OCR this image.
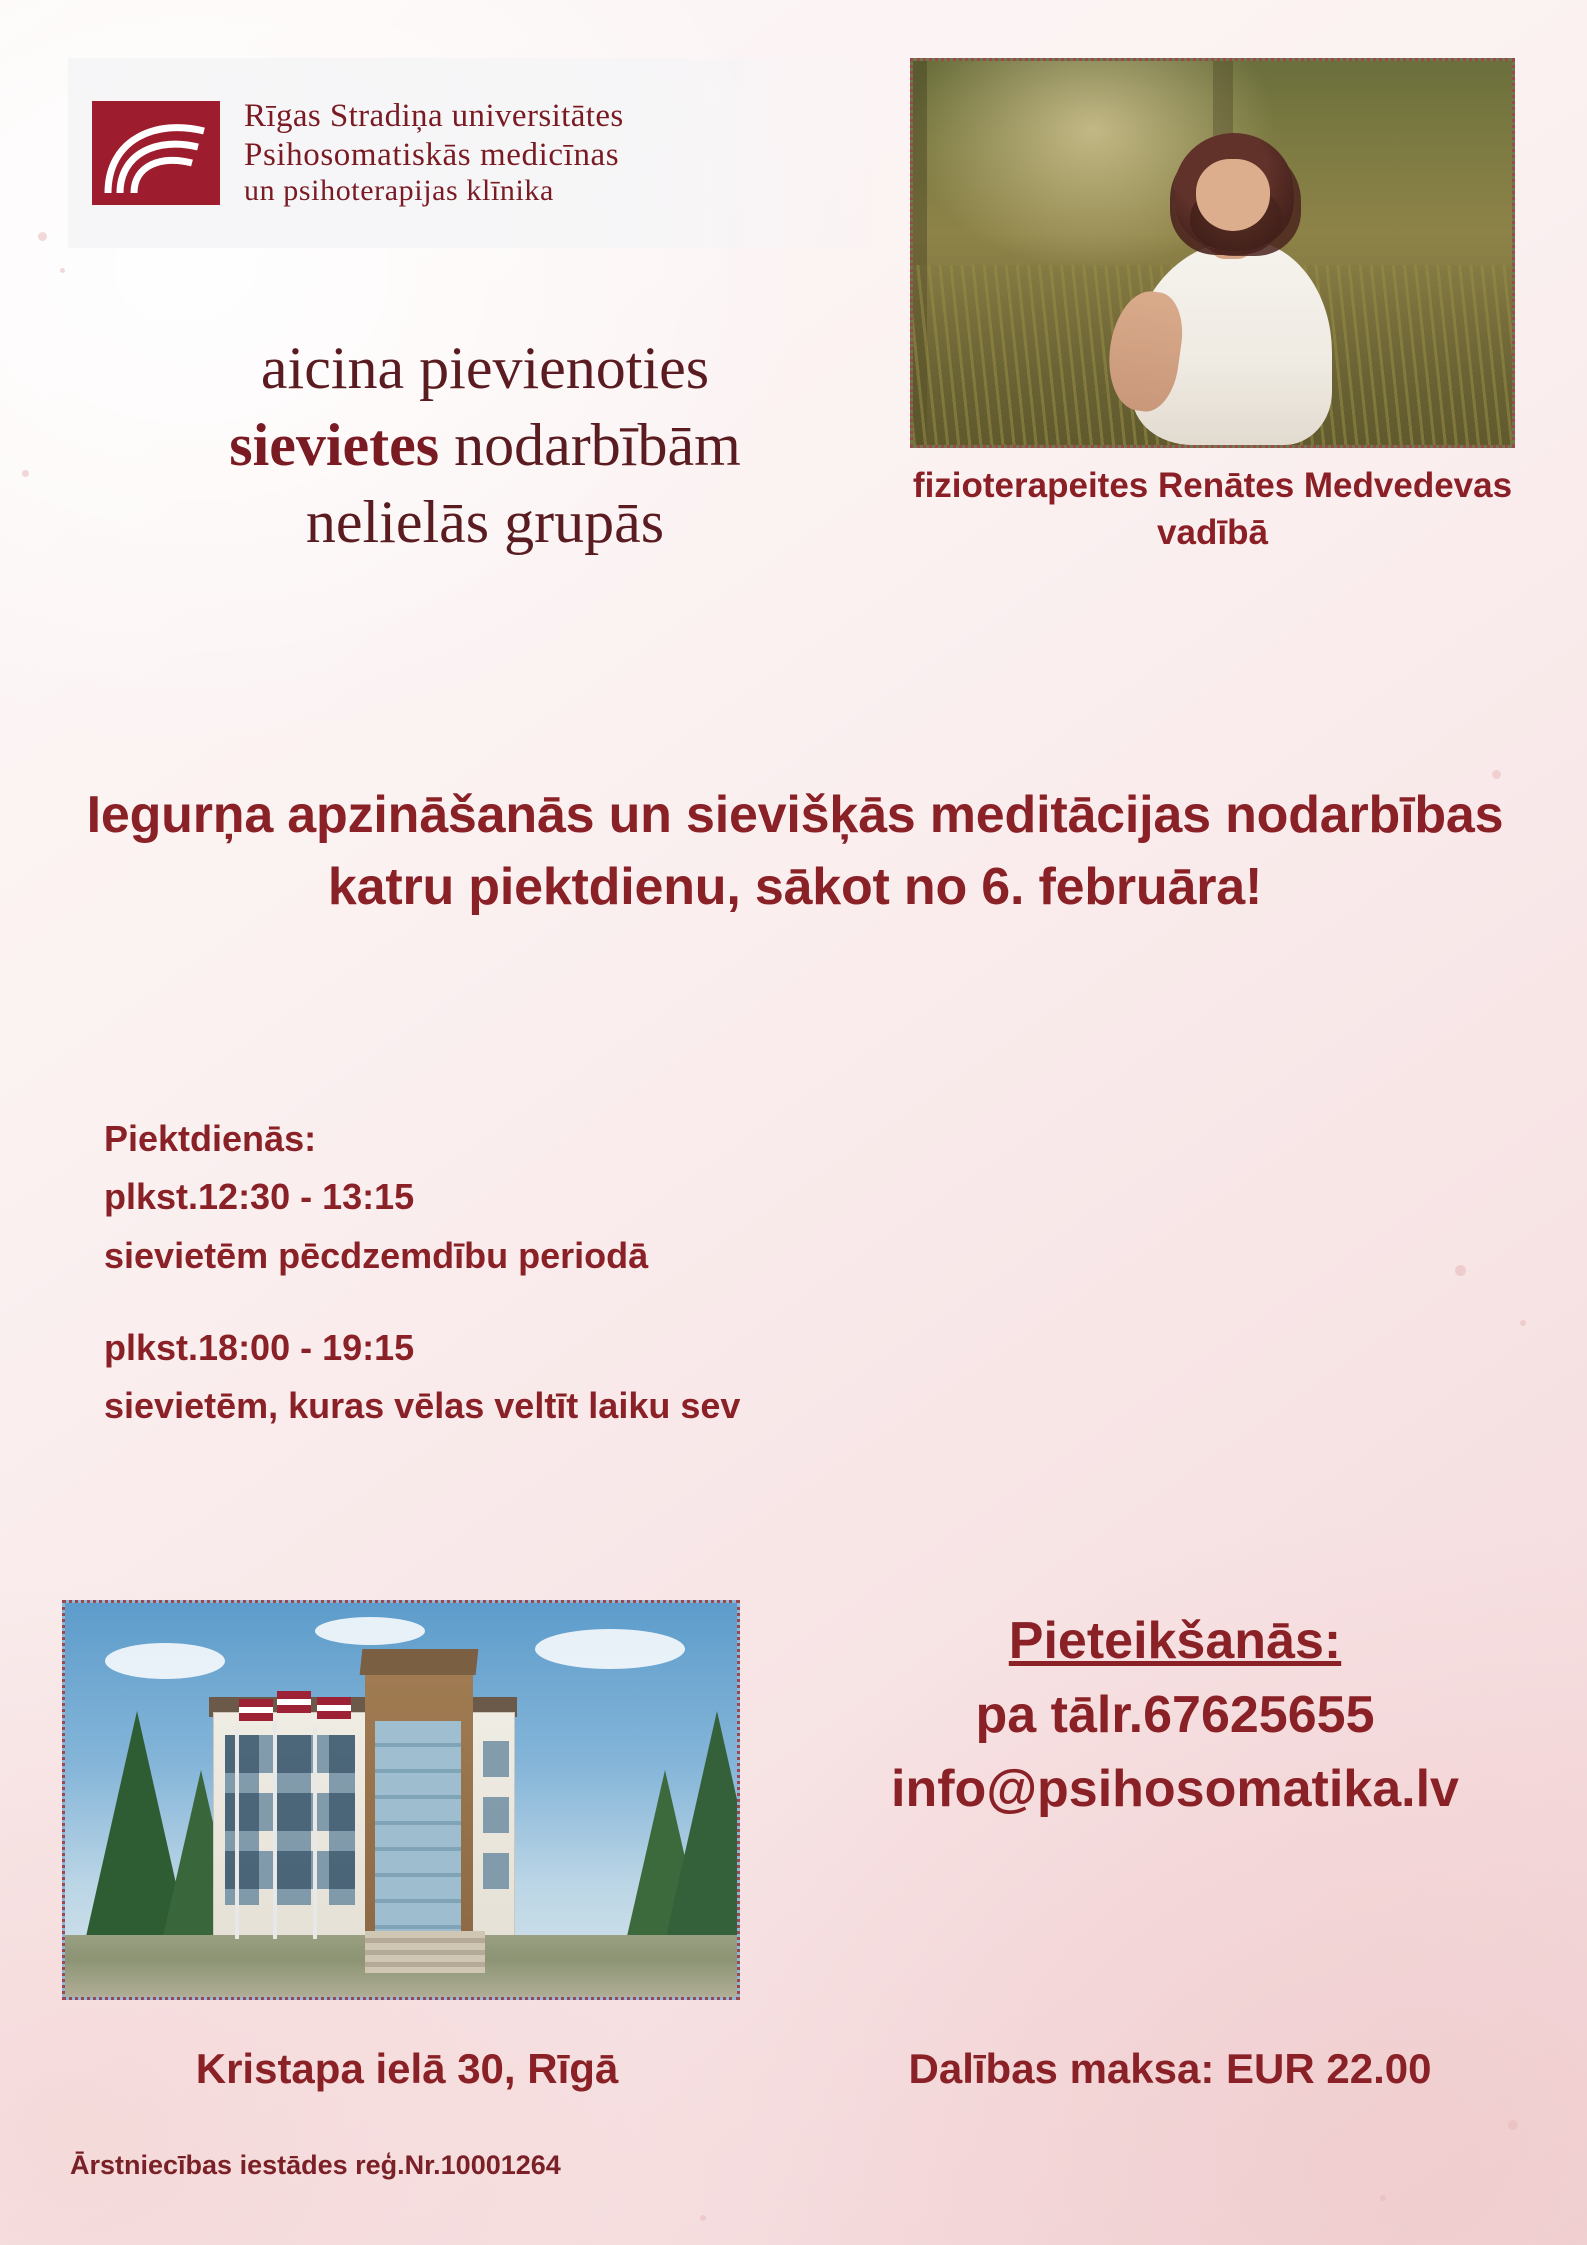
Rīgas Stradiņa universitātes
Psihosomatiskās medicīnas
un psihoterapijas klīnika
aicina pievienoties
sievietes nodarbībām
nelielās grupās
fizioterapeites Renātes Medvedevas vadībā
Iegurņa apzināšanās un sievišķās meditācijas nodarbības katru piektdienu, sākot no 6. februāra!
Piektdienās:
plkst.12:30 - 13:15
sievietēm pēcdzemdību periodā
plkst.18:00 - 19:15
sievietēm, kuras vēlas veltīt laiku sev
Pieteikšanās:
pa tālr.67625655
info@psihosomatika.lv
Kristapa ielā 30, Rīgā	Dalības maksa: EUR 22.00
Ārstniecības iestādes reģ.Nr.10001264
